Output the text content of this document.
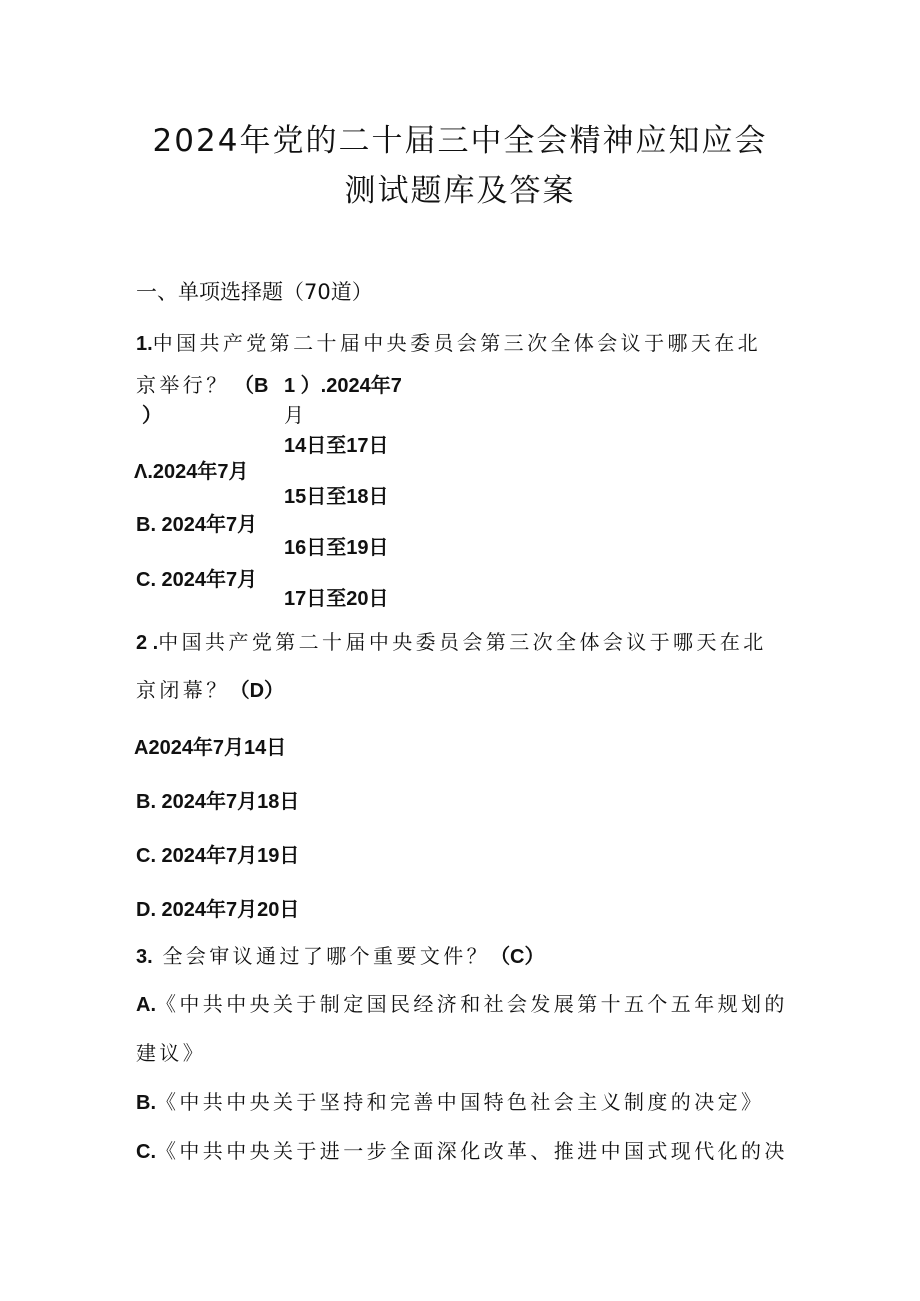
2024年党的二十届三中全会精神应知应会
测试题库及答案
一、单项选择题（70道）
1.中国共产党第二十届中央委员会第三次全体会议于哪天在北
京举行？ （B
）
1 ）.2024年7
月
14日至17日
Λ.2024年7月
15日至18日
B. 2024年7月
16日至19日
C. 2024年7月
17日至20日
2 .中国共产党第二十届中央委员会第三次全体会议于哪天在北
京闭幕？（D）
A2024年7月14日
B. 2024年7月18日
C. 2024年7月19日
D. 2024年7月20日
3. 全会审议通过了哪个重要文件？（C）
A.《中共中央关于制定国民经济和社会发展第十五个五年规划的
建议》
B.《中共中央关于坚持和完善中国特色社会主义制度的决定》
C.《中共中央关于进一步全面深化改革、推进中国式现代化的决
